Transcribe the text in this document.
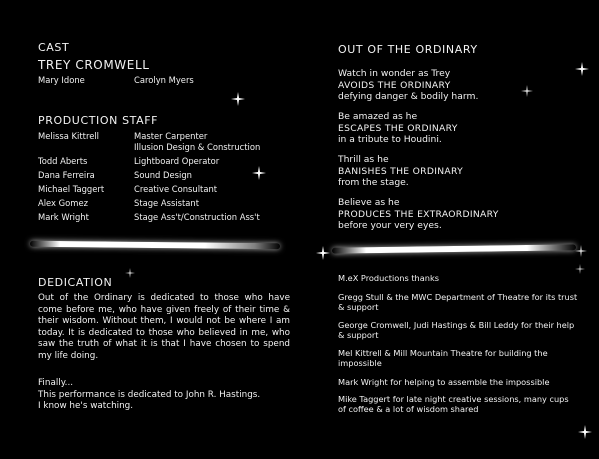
CAST
TREY CROMWELL
Mary Idone	Carolyn Myers
PRODUCTION STAFF
Melissa Kittrell	Master Carpenter
Illusion Design & Construction
Todd Aberts	Lightboard Operator
Dana Ferreira	Sound Design
Michael Taggert	Creative Consultant
Alex Gomez	Stage Assistant
Mark Wright	Stage Ass't/Construction Ass't
DEDICATION
Out of the Ordinary is dedicated to those who have come before me, who have given freely of their time & their wisdom. Without them, I would not be where I am today. It is dedicated to those who believed in me, who saw the truth of what it is that I have chosen to spend my life doing.
Finally...
This performance is dedicated to John R. Hastings.
I know he's watching.
OUT OF THE ORDINARY
Watch in wonder as Trey
AVOIDS THE ORDINARY
defying danger & bodily harm.
Be amazed as he
ESCAPES THE ORDINARY
in a tribute to Houdini.
Thrill as he
BANISHES THE ORDINARY
from the stage.
Believe as he
PRODUCES THE EXTRAORDINARY
before your very eyes.
M.eX Productions thanks
Gregg Stull & the MWC Department of Theatre for its trust & support
George Cromwell, Judi Hastings & Bill Leddy for their help & support
Mel Kittrell & Mill Mountain Theatre for building the impossible
Mark Wright for helping to assemble the impossible
Mike Taggert for late night creative sessions, many cups of coffee & a lot of wisdom shared
